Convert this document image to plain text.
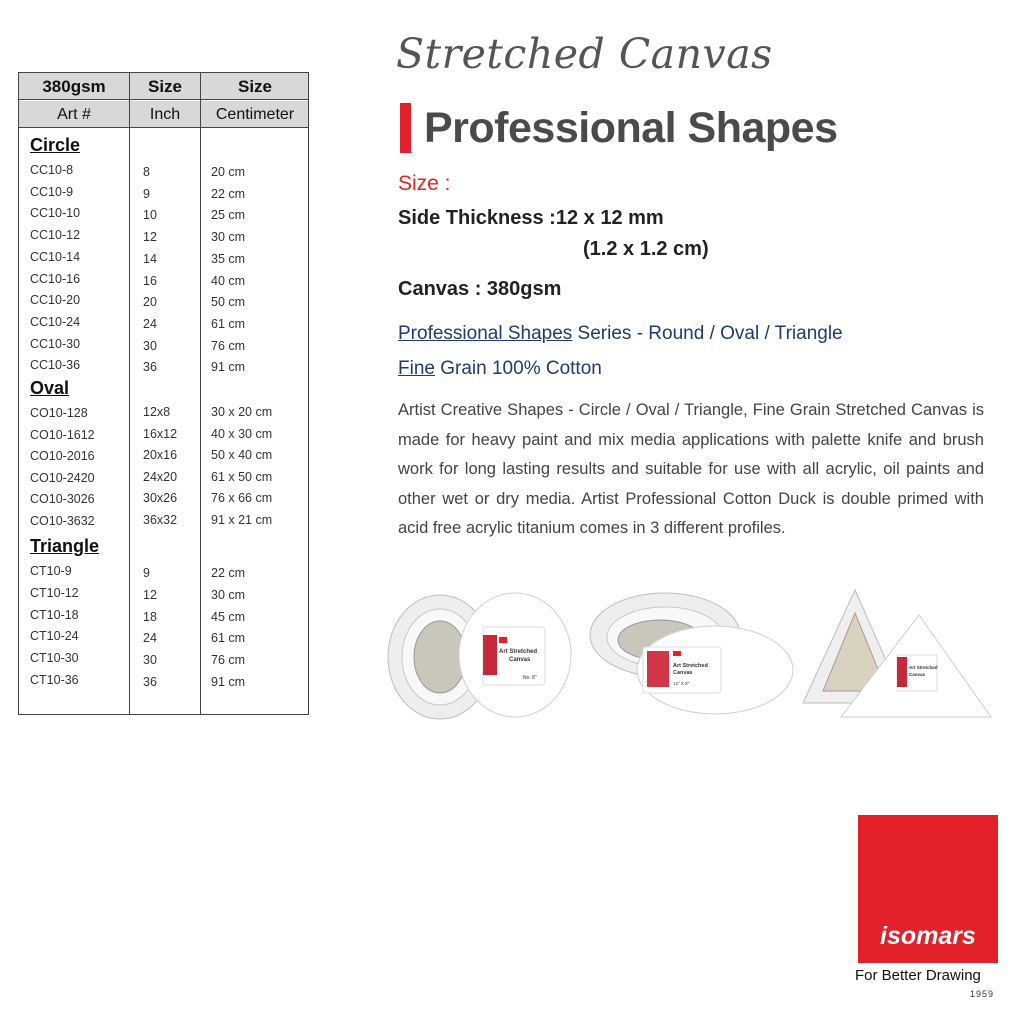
380gsm	Size	Size
Art #	Inch	Centimeter
Circle
CC10-8	8	20 cm
CC10-9	9	22 cm
CC10-10	10	25 cm
CC10-12	12	30 cm
CC10-14	14	35 cm
CC10-16	16	40 cm
CC10-20	20	50 cm
CC10-24	24	61 cm
CC10-30	30	76 cm
CC10-36	36	91 cm
Oval
CO10-128	12x8	30 x 20 cm
CO10-1612	16x12	40 x 30 cm
CO10-2016	20x16	50 x 40 cm
CO10-2420	24x20	61 x 50 cm
CO10-3026	30x26	76 x 66 cm
CO10-3632	36x32	91 x 21 cm
Triangle
CT10-9	9	22 cm
CT10-12	12	30 cm
CT10-18	18	45 cm
CT10-24	24	61 cm
CT10-30	30	76 cm
CT10-36	36	91 cm
Stretched Canvas
Professional Shapes
Size :
Side Thickness :12 x 12 mm
(1.2 x 1.2 cm)
Canvas : 380gsm
Professional Shapes Series - Round / Oval / Triangle
Fine Grain 100% Cotton

Artist Creative Shapes - Circle / Oval / Triangle, Fine Grain Stretched Canvas is made for heavy paint and mix media applications with palette knife and brush work for long lasting results and suitable for use with all acrylic, oil paints and other wet or dry media. Artist Professional Cotton Duck is double primed with acid free acrylic titanium comes in 3 different profiles.

Art Stretched
Canvas
No. 8"
Art Stretched
Canvas
12" X 8"
Art Stretched
Canvas
isomars
For Better Drawing
1959
